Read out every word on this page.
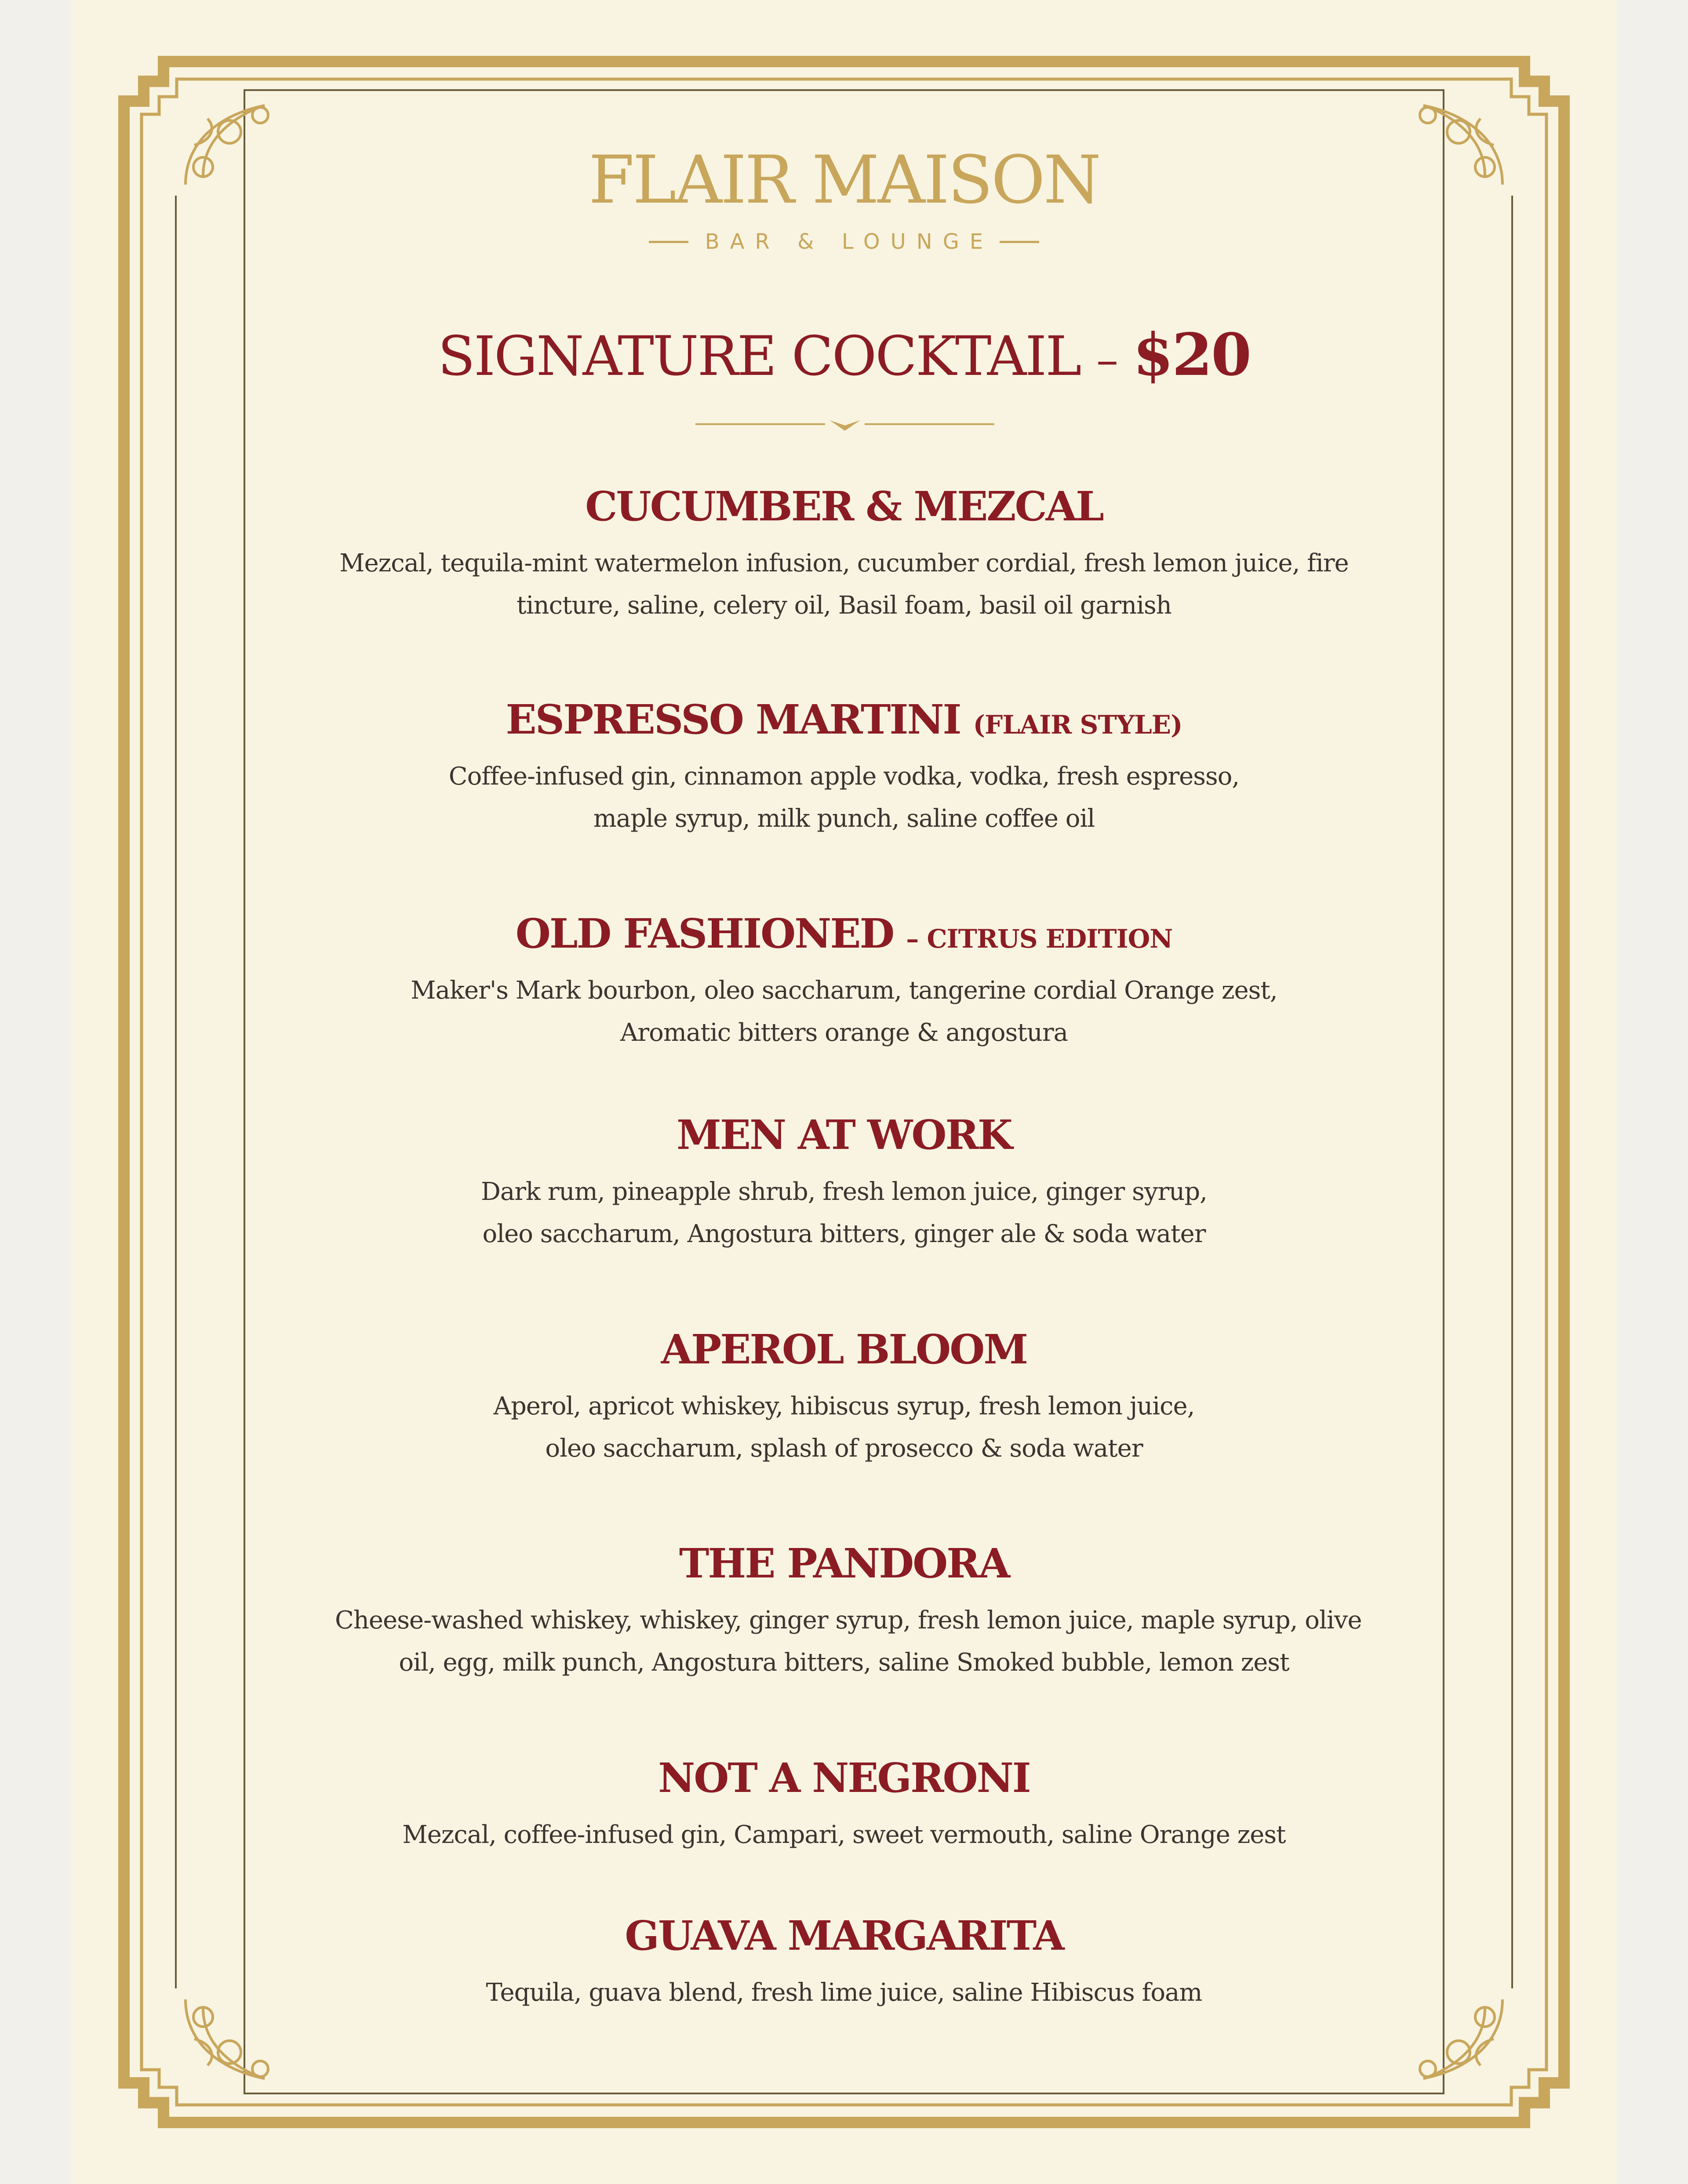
FLAIR MAISON
BAR & LOUNGE
SIGNATURE COCKTAIL – $20
CUCUMBER & MEZCAL
Mezcal, tequila-mint watermelon infusion, cucumber cordial, fresh lemon juice, fire
tincture, saline, celery oil, Basil foam, basil oil garnish
ESPRESSO MARTINI (FLAIR STYLE)
Coffee-infused gin, cinnamon apple vodka, vodka, fresh espresso,
maple syrup, milk punch, saline coffee oil
OLD FASHIONED – CITRUS EDITION
Maker's Mark bourbon, oleo saccharum, tangerine cordial Orange zest,
Aromatic bitters orange & angostura
MEN AT WORK
Dark rum, pineapple shrub, fresh lemon juice, ginger syrup,
oleo saccharum, Angostura bitters, ginger ale & soda water
APEROL BLOOM
Aperol, apricot whiskey, hibiscus syrup, fresh lemon juice,
oleo saccharum, splash of prosecco & soda water
THE PANDORA
Cheese-washed whiskey, whiskey, ginger syrup, fresh lemon juice, maple syrup, olive
oil, egg, milk punch, Angostura bitters, saline Smoked bubble, lemon zest
NOT A NEGRONI
Mezcal, coffee-infused gin, Campari, sweet vermouth, saline Orange zest
GUAVA MARGARITA
Tequila, guava blend, fresh lime juice, saline Hibiscus foam
